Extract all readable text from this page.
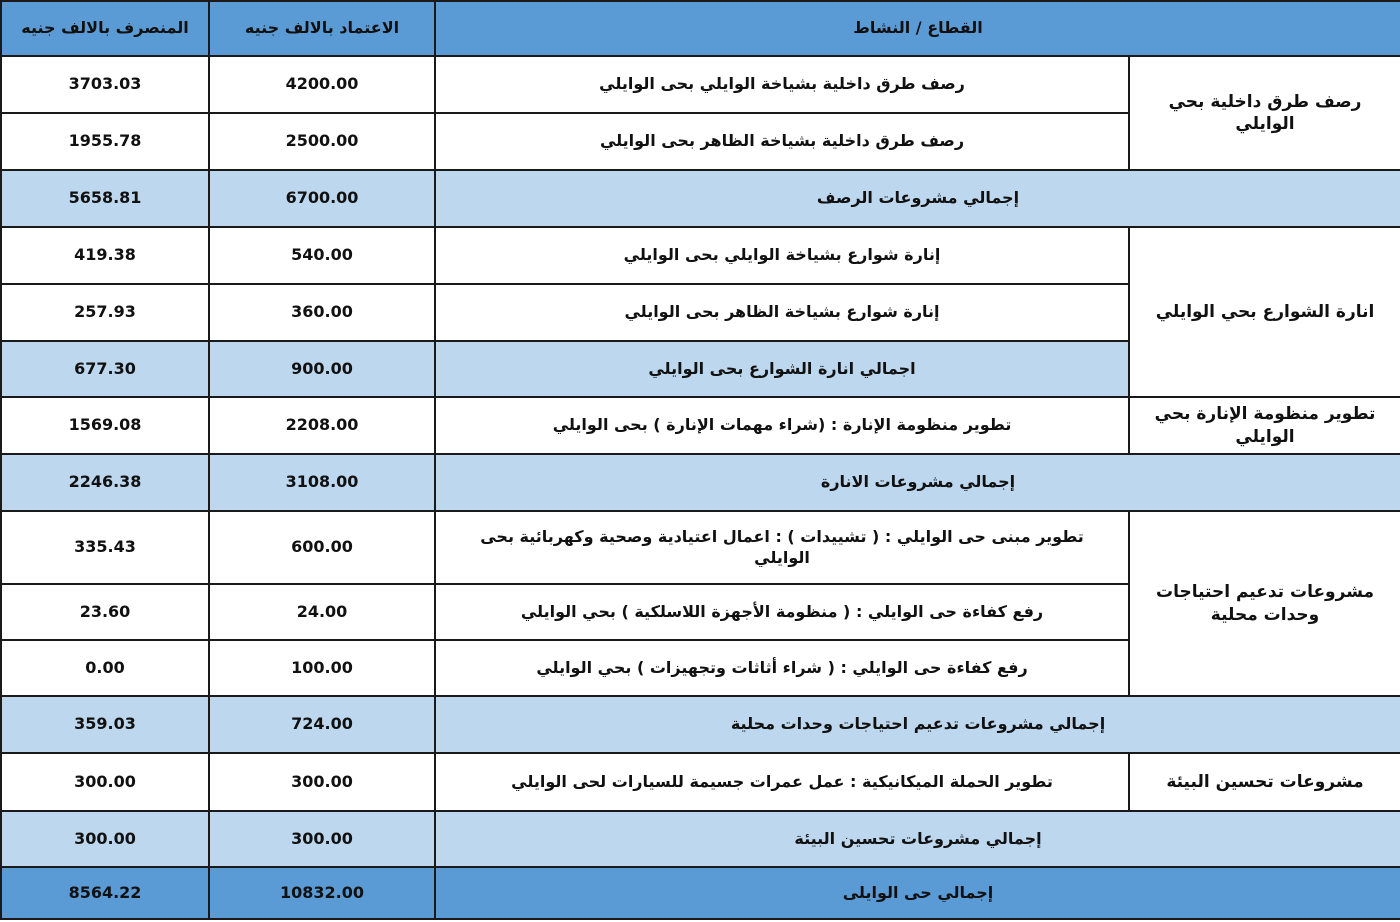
القطاع / النشاط		الاعتماد بالالف جنيه	المنصرف بالالف جنيه
رصف طرق داخلية بحي الوايلي	رصف طرق داخلية بشياخة الوايلي بحى الوايلي	4200.00	3703.03
	رصف طرق داخلية بشياخة الظاهر بحى الوايلي	2500.00	1955.78
إجمالي مشروعات الرصف		6700.00	5658.81
انارة الشوارع بحي الوايلي	إنارة شوارع بشياخة الوايلي بحى الوايلي	540.00	419.38
	إنارة شوارع بشياخة الظاهر بحى الوايلي	360.00	257.93
	اجمالي انارة الشوارع بحى الوايلي	900.00	677.30
تطوير منظومة الإنارة بحي الوايلي	تطوير منظومة الإنارة : (شراء مهمات الإنارة ) بحى الوايلي	2208.00	1569.08
إجمالي مشروعات الانارة		3108.00	2246.38
مشروعات تدعيم احتياجات وحدات محلية	تطوير مبنى حى الوايلي : ( تشييدات ) : اعمال اعتيادية وصحية وكهربائية بحى الوايلي	600.00	335.43
	رفع كفاءة حى الوايلي : ( منظومة الأجهزة اللاسلكية ) بحي الوايلي	24.00	23.60
	رفع كفاءة حى الوايلي : ( شراء أثاثات وتجهيزات ) بحي الوايلي	100.00	0.00
إجمالي مشروعات تدعيم احتياجات وحدات محلية		724.00	359.03
مشروعات تحسين البيئة	تطوير الحملة الميكانيكية : عمل عمرات جسيمة للسيارات لحى الوايلي	300.00	300.00
إجمالي مشروعات تحسين البيئة		300.00	300.00
إجمالي حى الوايلى		10832.00	8564.22
